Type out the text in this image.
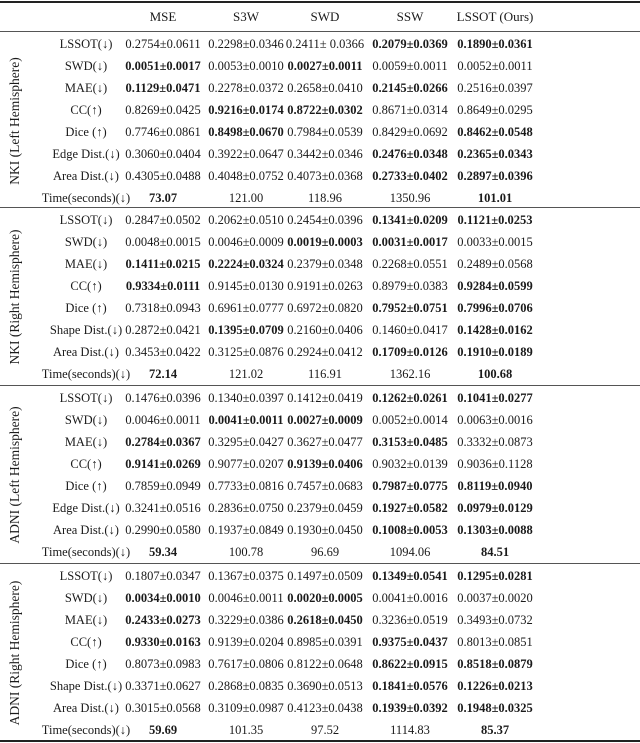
MSE	S3W	SWD	SSW	LSSOT (Ours)
NKI (Left Hemisphere)
LSSOT(↓)	0.2754±0.0611 0.2298±0.0346 0.2411± 0.0366 0.2079±0.0369 0.1890±0.0361
SWD(↓)	0.0051±0.0017 0.0053±0.0010 0.0027±0.0011 0.0059±0.0011 0.0052±0.0011
MAE(↓)	0.1129±0.0471 0.2278±0.0372 0.2658±0.0410 0.2145±0.0266 0.2516±0.0397
CC(↑)	0.8269±0.0425 0.9216±0.0174 0.8722±0.0302 0.8671±0.0314 0.8649±0.0295
Dice (↑)	0.7746±0.0861 0.8498±0.0670 0.7984±0.0539 0.8429±0.0692 0.8462±0.0548
Edge Dist.(↓) 0.3060±0.0404 0.3922±0.0647 0.3442±0.0346 0.2476±0.0348 0.2365±0.0343
Area Dist.(↓) 0.4305±0.0488 0.4048±0.0752 0.4073±0.0368 0.2733±0.0402 0.2897±0.0396
Time(seconds)(↓)	73.07	121.00	118.96	1350.96	101.01
NKI (Right Hemisphere)
LSSOT(↓)	0.2847±0.0502 0.2062±0.0510 0.2454±0.0396 0.1341±0.0209 0.1121±0.0253
SWD(↓)	0.0048±0.0015 0.0046±0.0009 0.0019±0.0003 0.0031±0.0017 0.0033±0.0015
MAE(↓)	0.1411±0.0215 0.2224±0.0324 0.2379±0.0348 0.2268±0.0551 0.2489±0.0568
CC(↑)	0.9334±0.0111 0.9145±0.0130 0.9191±0.0263 0.8979±0.0383 0.9284±0.0599
Dice (↑)	0.7318±0.0943 0.6961±0.0777 0.6972±0.0820 0.7952±0.0751 0.7996±0.0706
Shape Dist.(↓) 0.2872±0.0421 0.1395±0.0709 0.2160±0.0406 0.1460±0.0417 0.1428±0.0162
Area Dist.(↓) 0.3453±0.0422 0.3125±0.0876 0.2924±0.0412 0.1709±0.0126 0.1910±0.0189
Time(seconds)(↓)	72.14	121.02	116.91	1362.16	100.68
ADNI (Left Hemisphere)
LSSOT(↓)	0.1476±0.0396 0.1340±0.0397 0.1412±0.0419 0.1262±0.0261 0.1041±0.0277
SWD(↓)	0.0046±0.0011 0.0041±0.0011 0.0027±0.0009 0.0052±0.0014 0.0063±0.0016
MAE(↓)	0.2784±0.0367 0.3295±0.0427 0.3627±0.0477 0.3153±0.0485 0.3332±0.0873
CC(↑)	0.9141±0.0269 0.9077±0.0207 0.9139±0.0406 0.9032±0.0139 0.9036±0.1128
Dice (↑)	0.7859±0.0949 0.7733±0.0816 0.7457±0.0683 0.7987±0.0775 0.8119±0.0940
Edge Dist.(↓) 0.3241±0.0516 0.2836±0.0750 0.2379±0.0459 0.1927±0.0582 0.0979±0.0129
Area Dist.(↓) 0.2990±0.0580 0.1937±0.0849 0.1930±0.0450 0.1008±0.0053 0.1303±0.0088
Time(seconds)(↓)	59.34	100.78	96.69	1094.06	84.51
ADNI (Right Hemisphere)
LSSOT(↓)	0.1807±0.0347 0.1367±0.0375 0.1497±0.0509 0.1349±0.0541 0.1295±0.0281
SWD(↓)	0.0034±0.0010 0.0046±0.0011 0.0020±0.0005 0.0041±0.0016 0.0037±0.0020
MAE(↓)	0.2433±0.0273 0.3229±0.0386 0.2618±0.0450 0.3236±0.0519 0.3493±0.0732
CC(↑)	0.9330±0.0163 0.9139±0.0204 0.8985±0.0391 0.9375±0.0437 0.8013±0.0851
Dice (↑)	0.8073±0.0983 0.7617±0.0806 0.8122±0.0648 0.8622±0.0915 0.8518±0.0879
Shape Dist.(↓) 0.3371±0.0627 0.2868±0.0835 0.3690±0.0513 0.1841±0.0576 0.1226±0.0213
Area Dist.(↓) 0.3015±0.0568 0.3109±0.0987 0.4123±0.0438 0.1939±0.0392 0.1948±0.0325
Time(seconds)(↓)	59.69	101.35	97.52	1114.83	85.37
